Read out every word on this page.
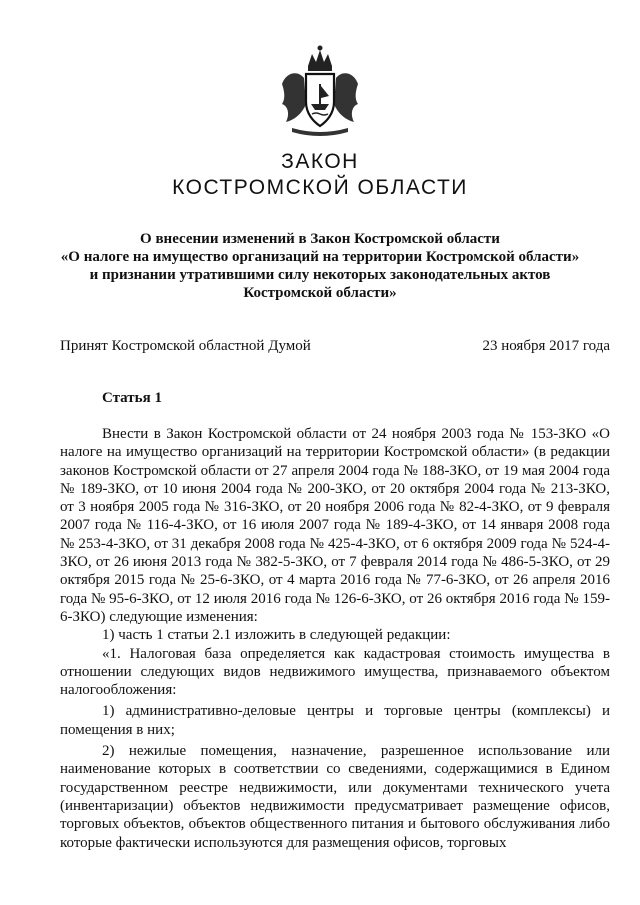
ЗАКОН
КОСТРОМСКОЙ ОБЛАСТИ
О внесении изменений в Закон Костромской области
«О налоге на имущество организаций на территории Костромской области»
и признании утратившими силу некоторых законодательных актов
Костромской области»
Принят Костромской областной Думой	23 ноября 2017 года
Статья 1

Внести в Закон Костромской области от 24 ноября 2003 года № 153-ЗКО «О налоге на имущество организаций на территории Костромской области» (в редакции законов Костромской области от 27 апреля 2004 года № 188-ЗКО, от 19 мая 2004 года № 189-ЗКО, от 10 июня 2004 года № 200-ЗКО, от 20 октября 2004 года № 213-ЗКО, от 3 ноября 2005 года № 316-ЗКО, от 20 ноября 2006 года № 82-4-ЗКО, от 9 февраля 2007 года № 116-4-ЗКО, от 16 июля 2007 года № 189-4-ЗКО, от 14 января 2008 года № 253-4-ЗКО, от 31 декабря 2008 года № 425-4-ЗКО, от 6 октября 2009 года № 524-4-ЗКО, от 26 июня 2013 года № 382-5-ЗКО, от 7 февраля 2014 года № 486-5-ЗКО, от 29 октября 2015 года № 25-6-ЗКО, от 4 марта 2016 года № 77-6-ЗКО, от 26 апреля 2016 года № 95-6-ЗКО, от 12 июля 2016 года № 126-6-ЗКО, от 26 октября 2016 года № 159-6-ЗКО) следующие изменения:

1) часть 1 статьи 2.1 изложить в следующей редакции:

«1. Налоговая база определяется как кадастровая стоимость имущества в отношении следующих видов недвижимого имущества, признаваемого объектом налогообложения:

1) административно-деловые центры и торговые центры (комплексы) и помещения в них;

2) нежилые помещения, назначение, разрешенное использование или наименование которых в соответствии со сведениями, содержащимися в Едином государственном реестре недвижимости, или документами технического учета (инвентаризации) объектов недвижимости предусматривает размещение офисов, торговых объектов, объектов общественного питания и бытового обслуживания либо которые фактически используются для размещения офисов, торговых
